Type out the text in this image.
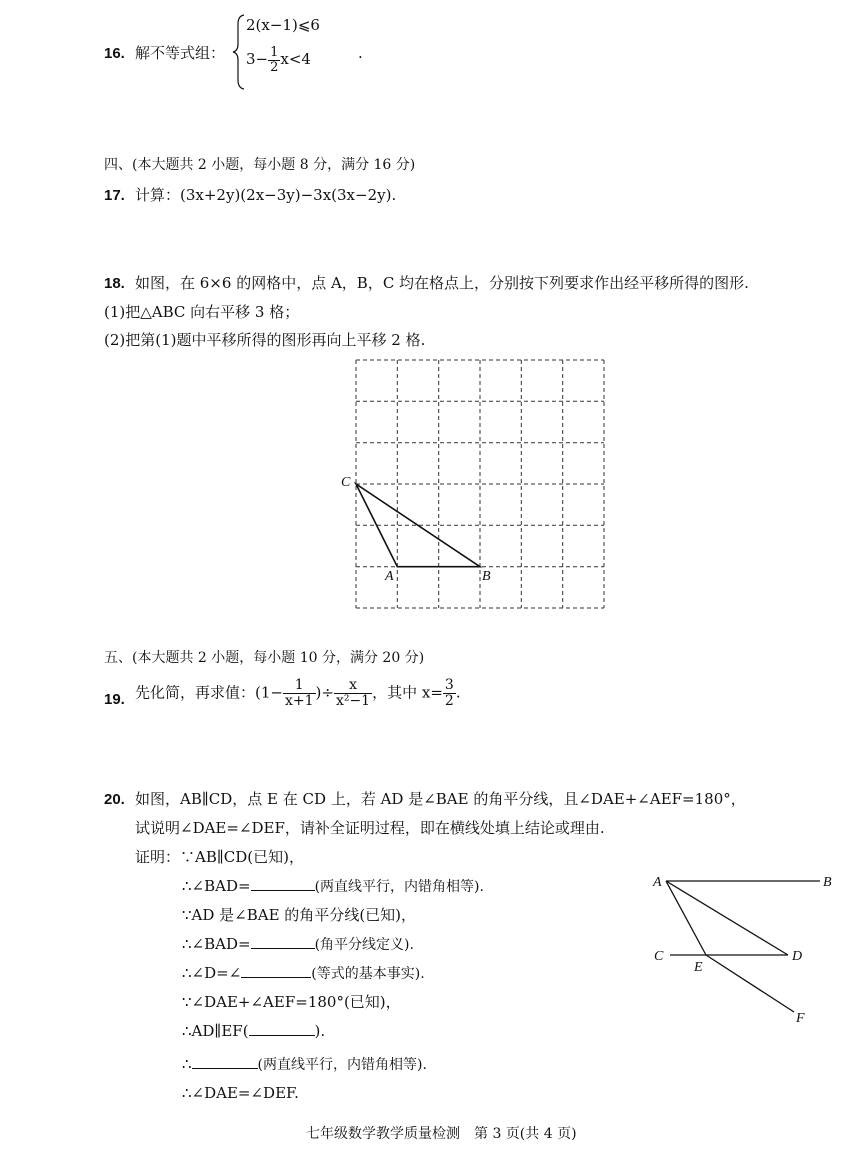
16. 解不等式组：
2(x−1)⩽6
$3- \frac{1}{2} x<4$	.
四、(本大题共 2 小题，每小题 8 分，满分 16 分)
17. 计算：(3x+2y)(2x−3y)−3x(3x−2y).
18. 如图，在 6×6 的网格中，点 A，B，C 均在格点上，分别按下列要求作出经平移所得的图形.
(1)把△ABC 向右平移 3 格；
(2)把第(1)题中平移所得的图形再向上平移 2 格.
C
A	B
五、(本大题共 2 小题，每小题 10 分，满分 20 分)
19. 先化简，再求值：($1- \frac{1}{x+1}$ )÷ $\frac{x}{\text{x²−1}}$ ，其中 $x= \frac{3}{2}$ .
20. 如图，AB∥CD，点 E 在 CD 上，若 AD 是∠BAE 的角平分线，且∠DAE+∠AEF=180°，
试说明∠DAE=∠DEF，请补全证明过程，即在横线处填上结论或理由.
证明：∵AB∥CD(已知)，
∴∠BAD=	(两直线平行，内错角相等).
∵AD 是∠BAE 的角平分线(已知)，
∴∠BAD=	(角平分线定义).
∴∠D=∠	(等式的基本事实).
∵∠DAE+∠AEF=180°(已知)，
∴AD∥EF(	).
∴	(两直线平行，内错角相等).
∴∠DAE=∠DEF.
A	B
C	D
E
F
七年级数学教学质量检测　第 3 页(共 4 页)
